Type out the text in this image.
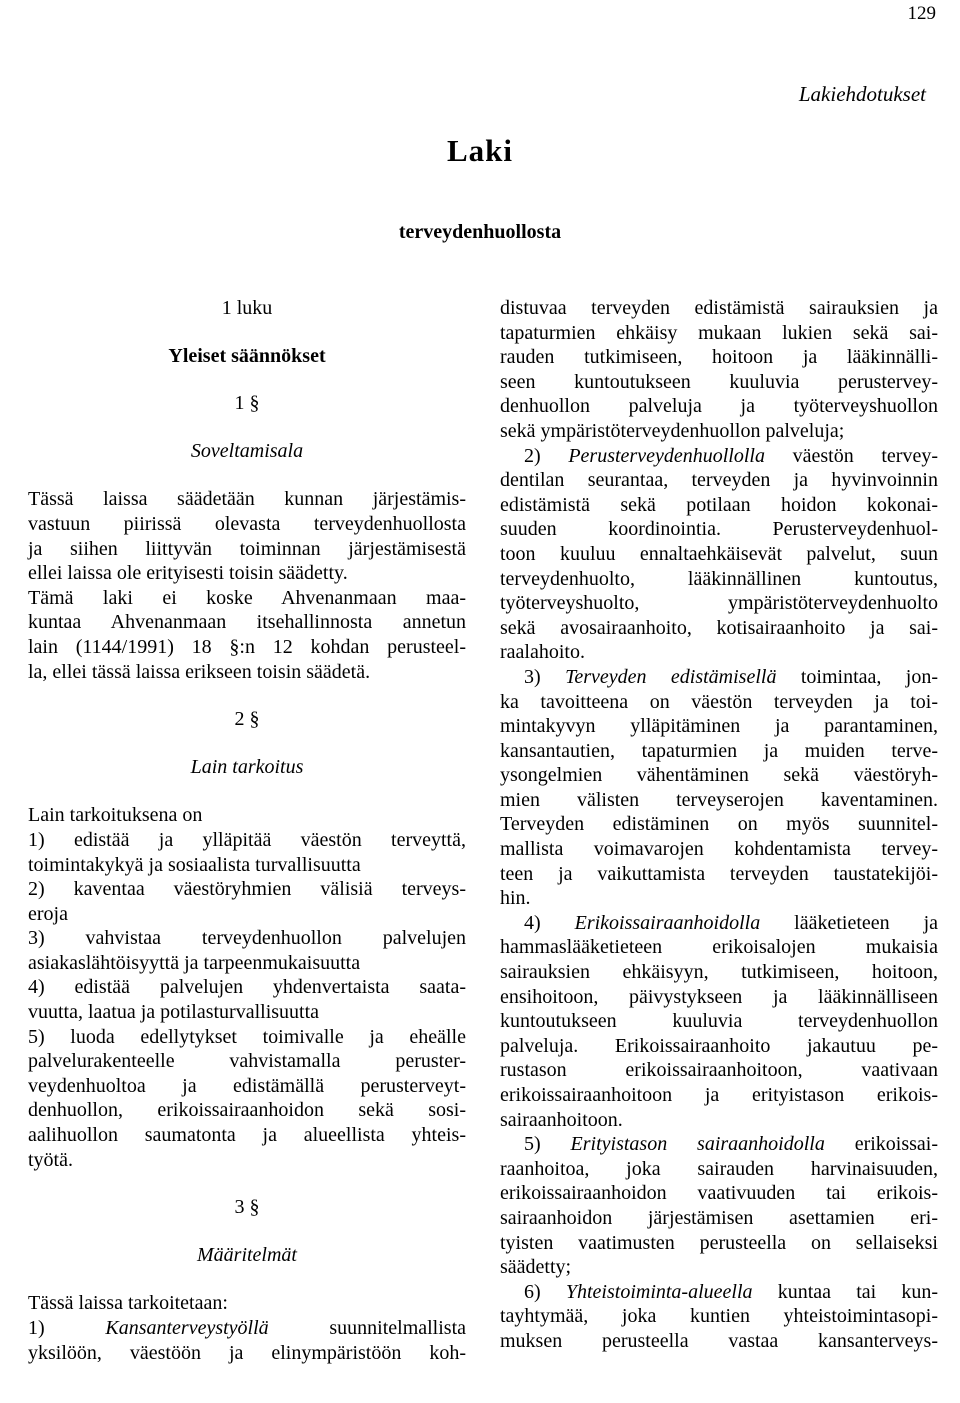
129
Lakiehdotukset
Laki
terveydenhuollosta
1 luku
Yleiset säännökset
1 §
Soveltamisala
Tässä laissa säädetään kunnan järjestämis-
vastuun piirissä olevasta terveydenhuollosta
ja siihen liittyvän toiminnan järjestämisestä
ellei laissa ole erityisesti toisin säädetty.
Tämä laki ei koske Ahvenanmaan maa-
kuntaa Ahvenanmaan itsehallinnosta annetun
lain (1144/1991) 18 §:n 12 kohdan perusteel-
la, ellei tässä laissa erikseen toisin säädetä.
2 §
Lain tarkoitus
Lain tarkoituksena on
1) edistää ja ylläpitää väestön terveyttä,
toimintakykyä ja sosiaalista turvallisuutta
2) kaventaa väestöryhmien välisiä terveys-
eroja
3) vahvistaa terveydenhuollon palvelujen
asiakaslähtöisyyttä ja tarpeenmukaisuutta
4) edistää palvelujen yhdenvertaista saata-
vuutta, laatua ja potilasturvallisuutta
5) luoda edellytykset toimivalle ja eheälle
palvelurakenteelle vahvistamalla peruster-
veydenhuoltoa ja edistämällä perusterveyt-
denhuollon, erikoissairaanhoidon sekä sosi-
aalihuollon saumatonta ja alueellista yhteis-
työtä.
3 §
Määritelmät
Tässä laissa tarkoitetaan:
1)	Kansanterveystyöllä	suunnitelmallista
yksilöön, väestöön ja elinympäristöön koh-
distuvaa terveyden edistämistä sairauksien ja
tapaturmien ehkäisy mukaan lukien sekä sai-
rauden tutkimiseen, hoitoon ja lääkinnälli-
seen kuntoutukseen kuuluvia perustervey-
denhuollon palveluja ja työterveyshuollon
sekä ympäristöterveydenhuollon palveluja;
2) Perusterveydenhuollolla väestön tervey-
dentilan seurantaa, terveyden ja hyvinvoinnin
edistämistä sekä potilaan hoidon kokonai-
suuden koordinointia. Perusterveydenhuol-
toon kuuluu ennaltaehkäisevät palvelut, suun
terveydenhuolto, lääkinnällinen kuntoutus,
työterveyshuolto, ympäristöterveydenhuolto
sekä avosairaanhoito, kotisairaanhoito ja sai-
raalahoito.
3) Terveyden edistämisellä toimintaa, jon-
ka tavoitteena on väestön terveyden ja toi-
mintakyvyn ylläpitäminen ja parantaminen,
kansantautien, tapaturmien ja muiden terve-
ysongelmien vähentäminen sekä väestöryh-
mien välisten terveyserojen kaventaminen.
Terveyden edistäminen on myös suunnitel-
mallista voimavarojen kohdentamista tervey-
teen ja vaikuttamista terveyden taustatekijöi-
hin.
4) Erikoissairaanhoidolla lääketieteen ja
hammaslääketieteen erikoisalojen mukaisia
sairauksien ehkäisyyn, tutkimiseen, hoitoon,
ensihoitoon, päivystykseen ja lääkinnälliseen
kuntoutukseen kuuluvia terveydenhuollon
palveluja. Erikoissairaanhoito jakautuu pe-
rustason erikoissairaanhoitoon, vaativaan
erikoissairaanhoitoon ja erityistason erikois-
sairaanhoitoon.
5) Erityistason sairaanhoidolla erikoissai-
raanhoitoa, joka sairauden harvinaisuuden,
erikoissairaanhoidon vaativuuden tai erikois-
sairaanhoidon järjestämisen asettamien eri-
tyisten vaatimusten perusteella on sellaiseksi
säädetty;
6) Yhteistoiminta-alueella kuntaa tai kun-
tayhtymää, joka kuntien yhteistoimintasopi-
muksen perusteella vastaa kansanterveys-
